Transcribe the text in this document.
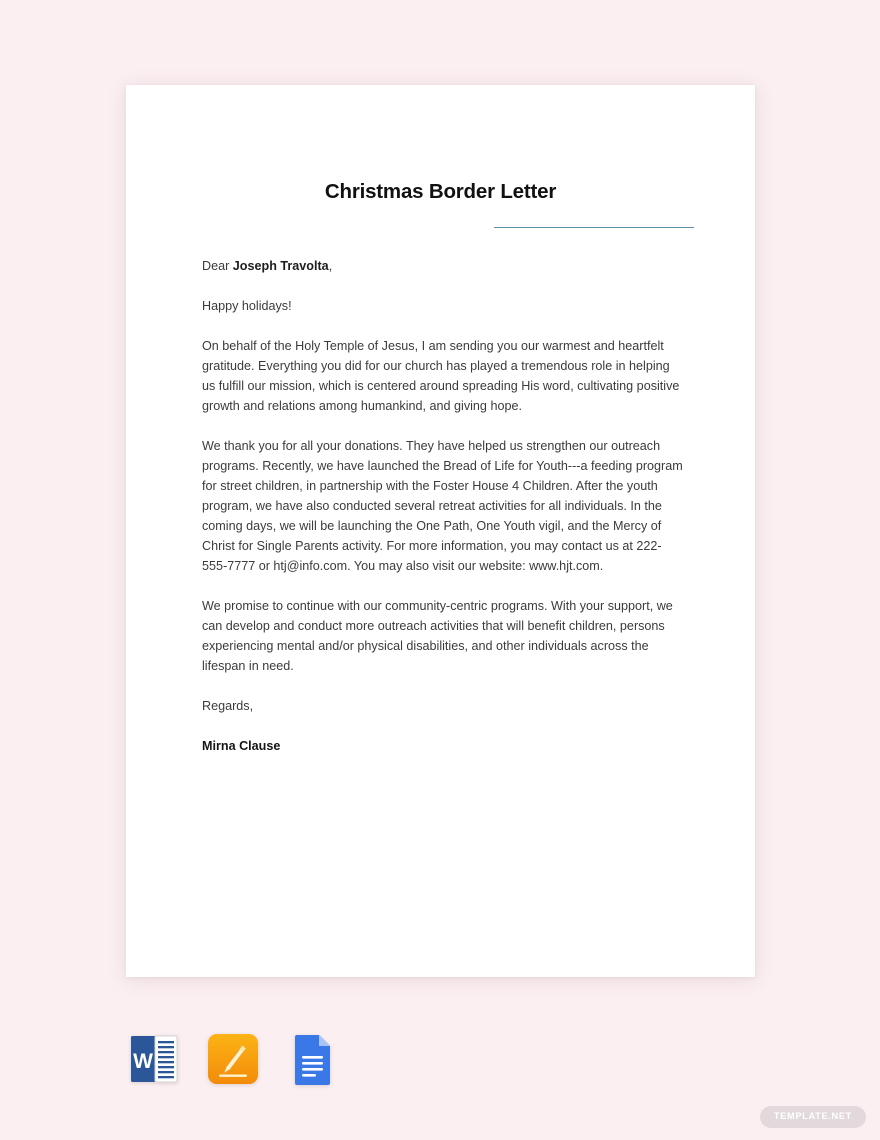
Christmas Border Letter

Dear Joseph Travolta,

Happy holidays!

On behalf of the Holy Temple of Jesus, I am sending you our warmest and heartfelt gratitude. Everything you did for our church has played a tremendous role in helping us fulfill our mission, which is centered around spreading His word, cultivating positive growth and relations among humankind, and giving hope.

We thank you for all your donations. They have helped us strengthen our outreach programs. Recently, we have launched the Bread of Life for Youth---a feeding program for street children, in partnership with the Foster House 4 Children. After the youth program, we have also conducted several retreat activities for all individuals. In the coming days, we will be launching the One Path, One Youth vigil, and the Mercy of Christ for Single Parents activity. For more information, you may contact us at 222-555-7777 or htj@info.com. You may also visit our website: www.hjt.com.

We promise to continue with our community-centric programs. With your support, we can develop and conduct more outreach activities that will benefit children, persons experiencing mental and/or physical disabilities, and other individuals across the lifespan in need.

Regards,

Mirna Clause

W
TEMPLATE.NET
